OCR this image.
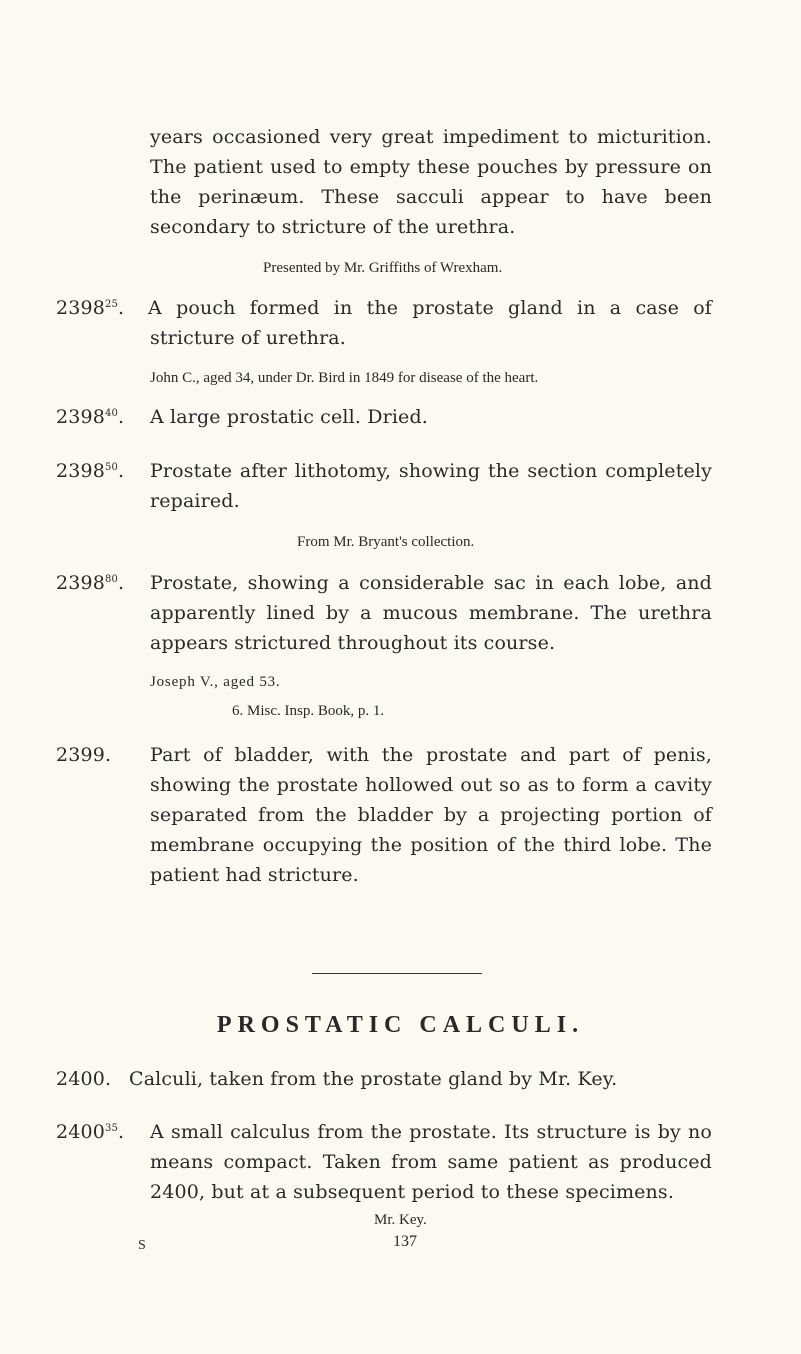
years occasioned very great impediment to micturition. The patient used to empty these pouches by pressure on the perinæum. These sacculi appear to have been secondary to stricture of the urethra.

Presented by Mr. Griffiths of Wrexham.

2398$^{25}$.	A pouch formed in the prostate gland in a case of stricture of urethra.

John C., aged 34, under Dr. Bird in 1849 for disease of the heart.

2398$^{40}$. A large prostatic cell. Dried.

2398$^{50}$. Prostate after lithotomy, showing the section completely repaired.

From Mr. Bryant's collection.

2398$^{80}$. Prostate, showing a considerable sac in each lobe, and apparently lined by a mucous membrane. The urethra appears strictured throughout its course.

Joseph V., aged 53.
6. Misc. Insp. Book, p. 1.

2399. Part of bladder, with the prostate and part of penis, showing the prostate hollowed out so as to form a cavity separated from the bladder by a projecting portion of membrane occupying the position of the third lobe. The patient had stricture.

PROSTATIC CALCULI.

2400. Calculi, taken from the prostate gland by Mr. Key.

2400$^{35}$. A small calculus from the prostate. Its structure is by no means compact. Taken from same patient as produced 2400, but at a subsequent period to these specimens.

Mr. Key.
S	137
